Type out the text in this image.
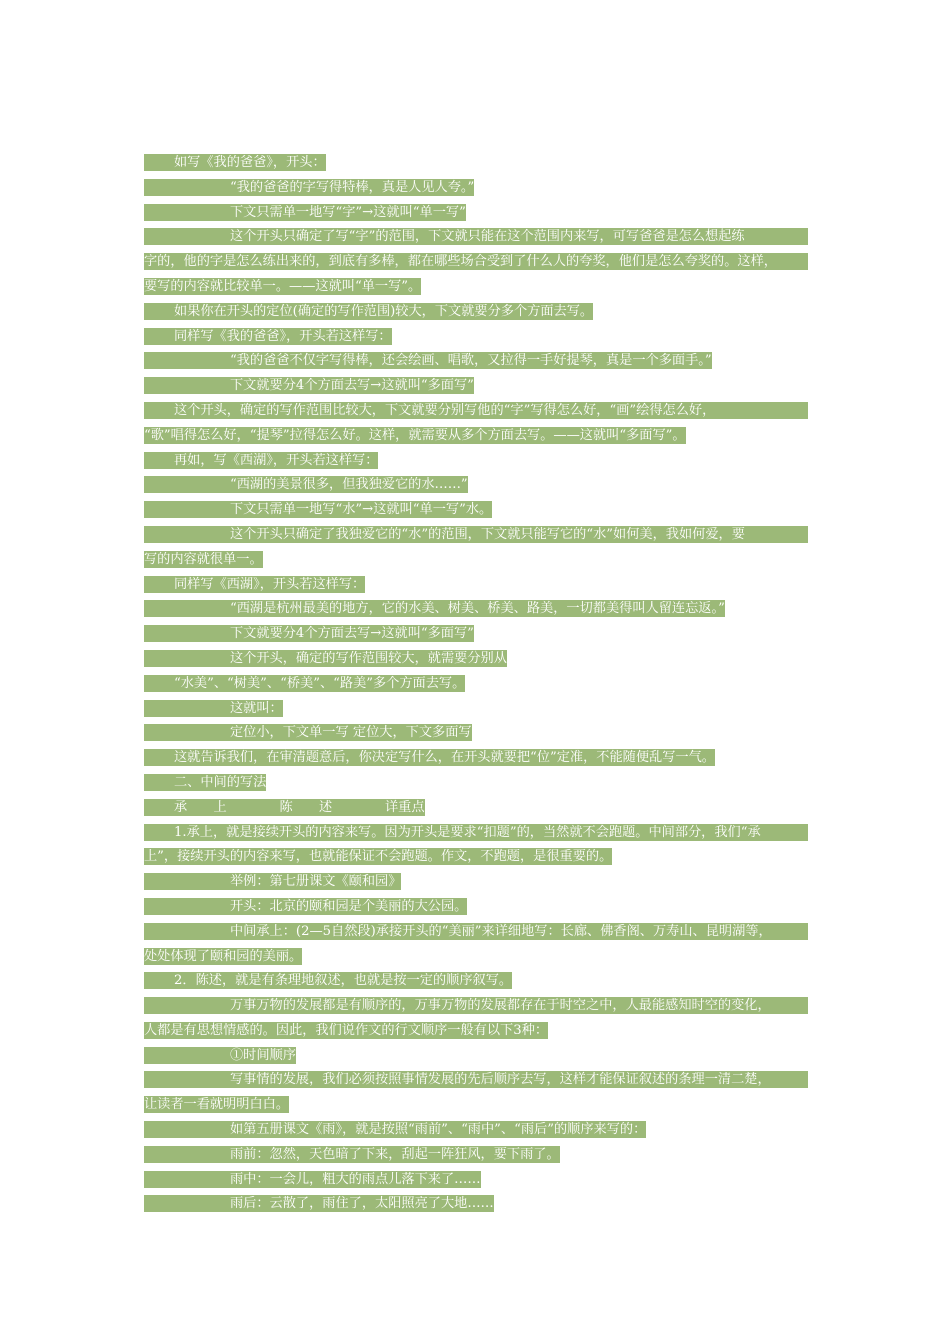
如写《我的爸爸》，开头：
“我的爸爸的字写得特棒，真是人见人夸。”
下文只需单一地写“字”→这就叫“单一写”
这个开头只确定了写“字”的范围，下文就只能在这个范围内来写，可写爸爸是怎么想起练
字的，他的字是怎么练出来的，到底有多棒，都在哪些场合受到了什么人的夸奖，他们是怎么夸奖的。这样，
要写的内容就比较单一。——这就叫“单一写”。
如果你在开头的定位(确定的写作范围)较大，下文就要分多个方面去写。
同样写《我的爸爸》，开头若这样写：
“我的爸爸不仅字写得棒，还会绘画、唱歌，又拉得一手好提琴，真是一个多面手。”
下文就要分4个方面去写→这就叫“多面写”
这个开头，确定的写作范围比较大，下文就要分别写他的“字”写得怎么好，“画”绘得怎么好，
“歌”唱得怎么好，“提琴”拉得怎么好。这样，就需要从多个方面去写。——这就叫“多面写”。
再如，写《西湖》，开头若这样写：
“西湖的美景很多，但我独爱它的水……”
下文只需单一地写“水”→这就叫“单一写”水。
这个开头只确定了我独爱它的“水”的范围，下文就只能写它的“水”如何美，我如何爱，要
写的内容就很单一。
同样写《西湖》，开头若这样写：
“西湖是杭州最美的地方，它的水美、树美、桥美、路美，一切都美得叫人留连忘返。”
下文就要分4个方面去写→这就叫“多面写”
这个开头，确定的写作范围较大，就需要分别从
“水美”、“树美”、“桥美”、“路美”多个方面去写。
这就叫：
定位小，下文单一写 定位大，下文多面写
这就告诉我们，在审清题意后，你决定写什么，在开头就要把“位”定准，不能随便乱写一气。
二、中间的写法
承　　上　　　　陈　　述　　　　详重点
1.承上，就是接续开头的内容来写。因为开头是要求“扣题”的，当然就不会跑题。中间部分，我们“承
上”，接续开头的内容来写，也就能保证不会跑题。作文，不跑题，是很重要的。
举例：第七册课文《颐和园》
开头：北京的颐和园是个美丽的大公园。
中间承上：(2—5自然段)承接开头的“美丽”来详细地写：长廊、佛香阁、万寿山、昆明湖等，
处处体现了颐和园的美丽。
2．陈述，就是有条理地叙述，也就是按一定的顺序叙写。
万事万物的发展都是有顺序的，万事万物的发展都存在于时空之中，人最能感知时空的变化，
人都是有思想情感的。因此，我们说作文的行文顺序一般有以下3种：
①时间顺序
写事情的发展，我们必须按照事情发展的先后顺序去写，这样才能保证叙述的条理一清二楚，
让读者一看就明明白白。
如第五册课文《雨》，就是按照“雨前”、“雨中”、“雨后”的顺序来写的：
雨前：忽然，天色暗了下来，刮起一阵狂风，要下雨了。
雨中：一会儿，粗大的雨点儿落下来了……
雨后：云散了，雨住了，太阳照亮了大地……
